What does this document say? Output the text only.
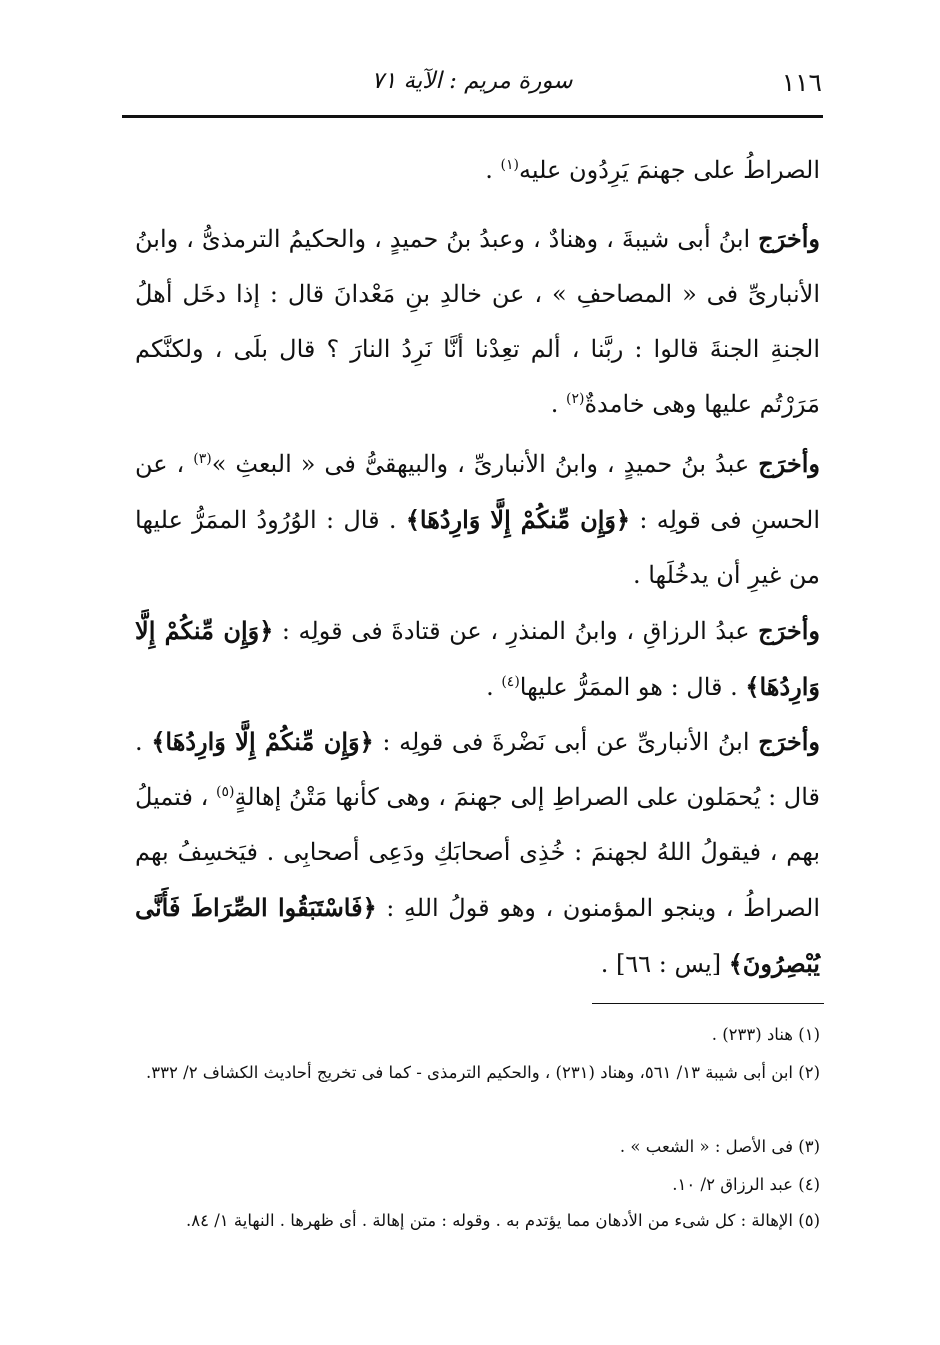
١١٦
سورة مريم : الآية ٧١
الصراطُ على جهنمَ يَرِدُون عليه$^{(١)}$ .
وأخرَج ابنُ أبى شيبةَ ، وهنادٌ ، وعبدُ بنُ حميدٍ ، والحكيمُ الترمذىُّ ، وابنُ الأنبارىِّ فى « المصاحفِ » ، عن خالدِ بنِ مَعْدانَ قال : إذا دخَل أهلُ الجنةِ الجنةَ قالوا : ربَّنا ، ألم تعِدْنا أنَّا نَرِدُ النارَ ؟ قال بلَى ، ولكنَّكم مَرَرْتُم عليها وهى خامدةٌ$^{(٢)}$ .
وأخرَج عبدُ بنُ حميدٍ ، وابنُ الأنبارىِّ ، والبيهقىُّ فى « البعثِ »$^{(٣)}$ ، عن الحسنِ فى قولِه : ﴿وَإِن مِّنكُمْ إِلَّا وَارِدُهَا﴾ . قال : الوُرُودُ الممَرُّ عليها من غيرِ أن يدخُلَها .
وأخرَج عبدُ الرزاقِ ، وابنُ المنذرِ ، عن قتادةَ فى قولِه : ﴿وَإِن مِّنكُمْ إِلَّا وَارِدُهَا﴾ . قال : هو الممَرُّ عليها$^{(٤)}$ .
وأخرَج ابنُ الأنبارىِّ عن أبى نَضْرةَ فى قولِه : ﴿وَإِن مِّنكُمْ إِلَّا وَارِدُهَا﴾ . قال : يُحمَلون على الصراطِ إلى جهنمَ ، وهى كأنها مَتْنُ إهالةٍ$^{(٥)}$ ، فتميلُ بهم ، فيقولُ اللهُ لجهنمَ : خُذِى أصحابَكِ ودَعِى أصحابِى . فيَخسِفُ بهم الصراطُ ، وينجو المؤمنون ، وهو قولُ اللهِ : ﴿فَاسْتَبَقُوا الصِّرَاطَ فَأَنَّى يُبْصِرُونَ﴾ [يس : ٦٦] .
(١) هناد (٢٣٣) .
(٢) ابن أبى شيبة ١٣/ ٥٦١، وهناد (٢٣١) ، والحكيم الترمذى - كما فى تخريج أحاديث الكشاف ٢/ ٣٣٢.
(٣) فى الأصل : « الشعب » .
(٤) عبد الرزاق ٢/ ١٠.
(٥) الإهالة : كل شىء من الأدهان مما يؤتدم به . وقوله : متن إهالة . أى ظهرها . النهاية ١/ ٨٤.
